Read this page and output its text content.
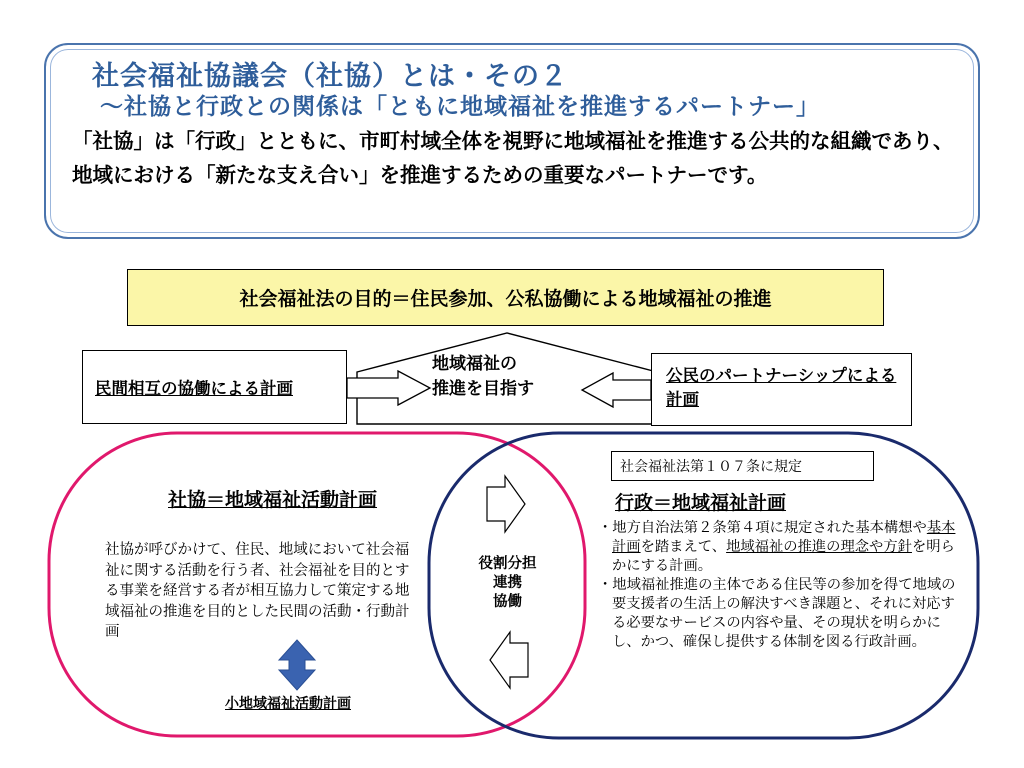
社会福祉協議会（社協）とは・その２
～社協と行政との関係は「ともに地域福祉を推進するパートナー」
「社協」は「行政」とともに、市町村域全体を視野に地域福祉を推進する公共的な組織であり、地域における「新たな支え合い」を推進するための重要なパートナーです。
社会福祉法の目的＝住民参加、公私協働による地域福祉の推進
民間相互の協働による計画
公民のパートナーシップによる計画
地域福祉の
推進を目指す
社協＝地域福祉活動計画
社協が呼びかけて、住民、地域において社会福祉に関する活動を行う者、社会福祉を目的とする事業を経営する者が相互協力して策定する地域福祉の推進を目的とした民間の活動・行動計画
小地域福祉活動計画
役割分担
連携
協働
社会福祉法第１０７条に規定
行政＝地域福祉計画
・ 地方自治法第２条第４項に規定された基本構想や基本計画を踏まえて、地域福祉の推進の理念や方針を明らかにする計画。
・ 地域福祉推進の主体である住民等の参加を得て地域の要支援者の生活上の解決すべき課題と、それに対応する必要なサービスの内容や量、その現状を明らかにし、かつ、確保し提供する体制を図る行政計画。
